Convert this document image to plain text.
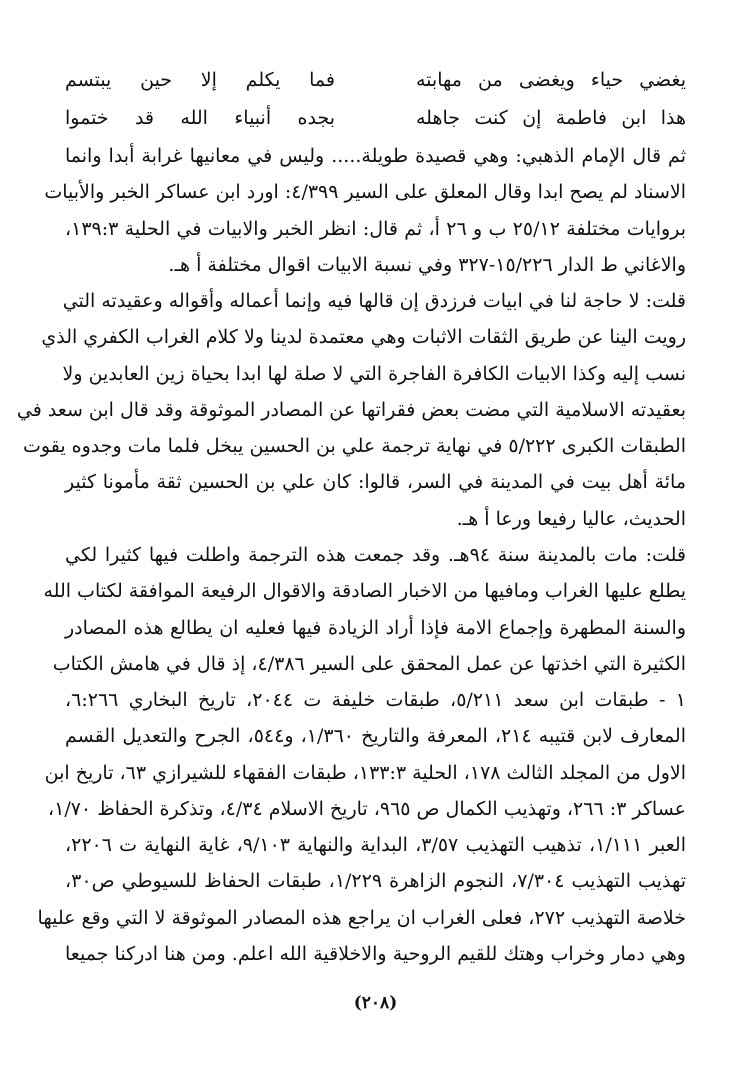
يغضي حياء ويغضى من مهابته
فما يكلم إلا حين يبتسم
هذا ابن فاطمة إن كنت جاهله
بجده أنبياء الله قد ختموا
ثم قال الإمام الذهبي: وهي قصيدة طويلة..... وليس في معانيها غرابة أبدا وانما
الاسناد لم يصح ابدا وقال المعلق على السير ٤/٣٩٩: اورد ابن عساكر الخبر والأبيات
بروايات مختلفة ٢٥/١٢ ب و ٢٦ أ، ثم قال: انظر الخبر والابيات في الحلية ١٣٩:٣،
والاغاني ط الدار ١٥/٢٢٦-٣٢٧ وفي نسبة الابيات اقوال مختلفة أ هـ.
قلت: لا حاجة لنا في ابيات فرزدق إن قالها فيه وإنما أعماله وأقواله وعقيدته التي
رويت الينا عن طريق الثقات الاثبات وهي معتمدة لدينا ولا كلام الغراب الكفري الذي
نسب إليه وكذا الابيات الكافرة الفاجرة التي لا صلة لها ابدا بحياة زين العابدين ولا
بعقيدته الاسلامية التي مضت بعض فقراتها عن المصادر الموثوقة وقد قال ابن سعد في
الطبقات الكبرى ٥/٢٢٢ في نهاية ترجمة علي بن الحسين يبخل فلما مات وجدوه يقوت
مائة أهل بيت في المدينة في السر، قالوا: كان علي بن الحسين ثقة مأمونا كثير
الحديث، عاليا رفيعا ورعا أ هـ.
قلت: مات بالمدينة سنة ٩٤هـ. وقد جمعت هذه الترجمة واطلت فيها كثيرا لكي
يطلع عليها الغراب ومافيها من الاخبار الصادقة والاقوال الرفيعة الموافقة لكتاب الله
والسنة المطهرة وإجماع الامة فإذا أراد الزيادة فيها فعليه ان يطالع هذه المصادر
الكثيرة التي اخذتها عن عمل المحقق على السير ٤/٣٨٦، إذ قال في هامش الكتاب
١ - طبقات ابن سعد ٥/٢١١، طبقات خليفة ت ٢٠٤٤، تاريخ البخاري ٦:٢٦٦،
المعارف لابن قتيبه ٢١٤، المعرفة والتاريخ ١/٣٦٠، و٥٤٤، الجرح والتعديل القسم
الاول من المجلد الثالث ١٧٨، الحلية ١٣٣:٣، طبقات الفقهاء للشيرازي ٦٣، تاريخ ابن
عساكر ٣: ٢٦٦، وتهذيب الكمال ص ٩٦٥، تاريخ الاسلام ٤/٣٤، وتذكرة الحفاظ ١/٧٠،
العبر ١/١١١، تذهيب التهذيب ٣/٥٧، البداية والنهاية ٩/١٠٣، غاية النهاية ت ٢٢٠٦،
تهذيب التهذيب ٧/٣٠٤، النجوم الزاهرة ١/٢٢٩، طبقات الحفاظ للسيوطي ص٣٠،
خلاصة التهذيب ٢٧٢، فعلى الغراب ان يراجع هذه المصادر الموثوقة لا التي وقع عليها
(٢٠٨)
وهي دمار وخراب وهتك للقيم الروحية والاخلاقية الله اعلم. ومن هنا ادركنا جميعا
